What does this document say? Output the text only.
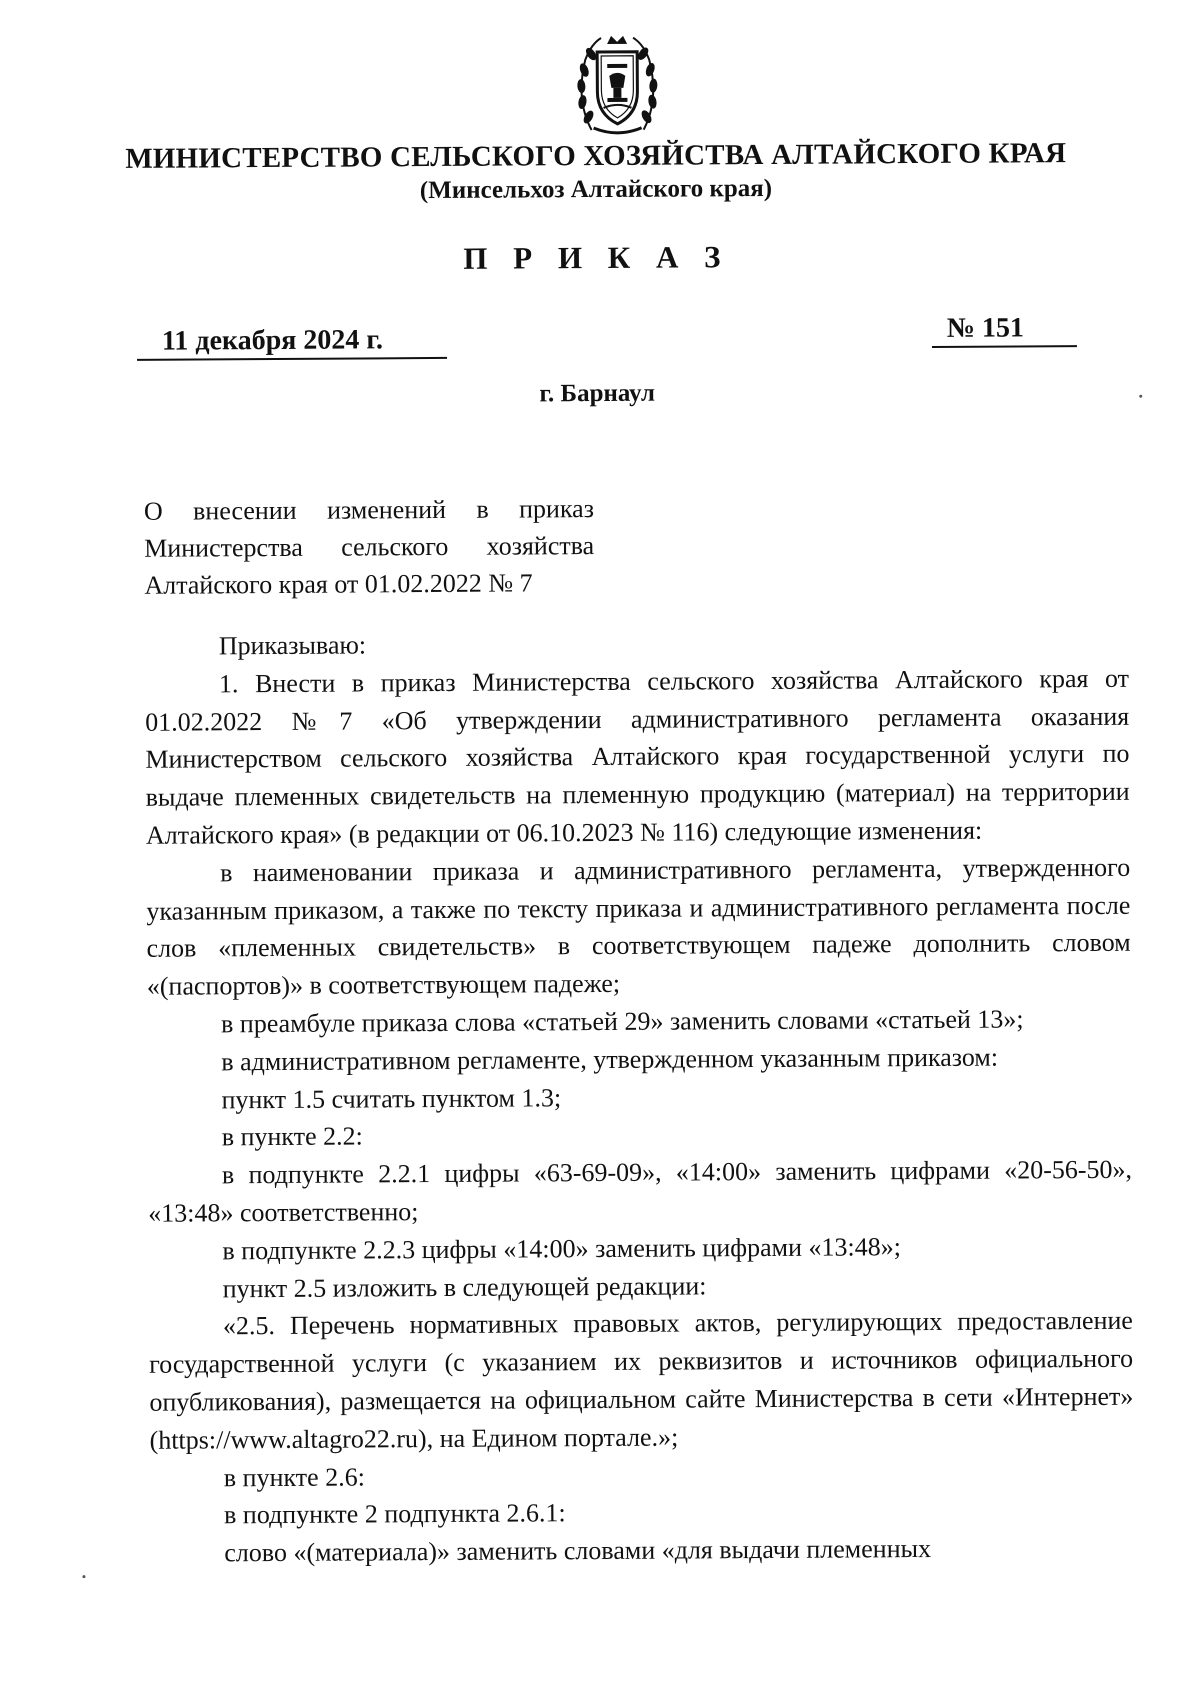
МИНИСТЕРСТВО СЕЛЬСКОГО ХОЗЯЙСТВА АЛТАЙСКОГО КРАЯ
(Минсельхоз Алтайского края)
П Р И К А З
11 декабря 2024 г.	№ 151
г. Барнаул
О внесении изменений в приказ
Министерства сельского хозяйства
Алтайского края от 01.02.2022 № 7

Приказываю:

1. Внести в приказ Министерства сельского хозяйства Алтайского края от 01.02.2022 №7 «Об утверждении административного регламента оказания Министерством сельского хозяйства Алтайского края государственной услуги по выдаче племенных свидетельств на племенную продукцию (материал) на территории Алтайского края» (в редакции от 06.10.2023 № 116) следующие изменения:

в наименовании приказа и административного регламента, утвержденного указанным приказом, а также по тексту приказа и административного регламента после слов «племенных свидетельств» в соответствующем падеже дополнить словом «(паспортов)» в соответствующем падеже;

в преамбуле приказа слова «статьей 29» заменить словами «статьей 13»;

в административном регламенте, утвержденном указанным приказом:

пункт 1.5 считать пунктом 1.3;

в пункте 2.2:

в подпункте 2.2.1 цифры «63-69-09», «14:00» заменить цифрами «20-56-50», «13:48» соответственно;

в подпункте 2.2.3 цифры «14:00» заменить цифрами «13:48»;

пункт 2.5 изложить в следующей редакции:

«2.5. Перечень нормативных правовых актов, регулирующих предоставление государственной услуги (с указанием их реквизитов и источников официального опубликования), размещается на официальном сайте Министерства в сети «Интернет» (https://www.altagro22.ru), на Едином портале.»;

в пункте 2.6:

в подпункте 2 подпункта 2.6.1:

слово «(материала)» заменить словами «для выдачи племенных
